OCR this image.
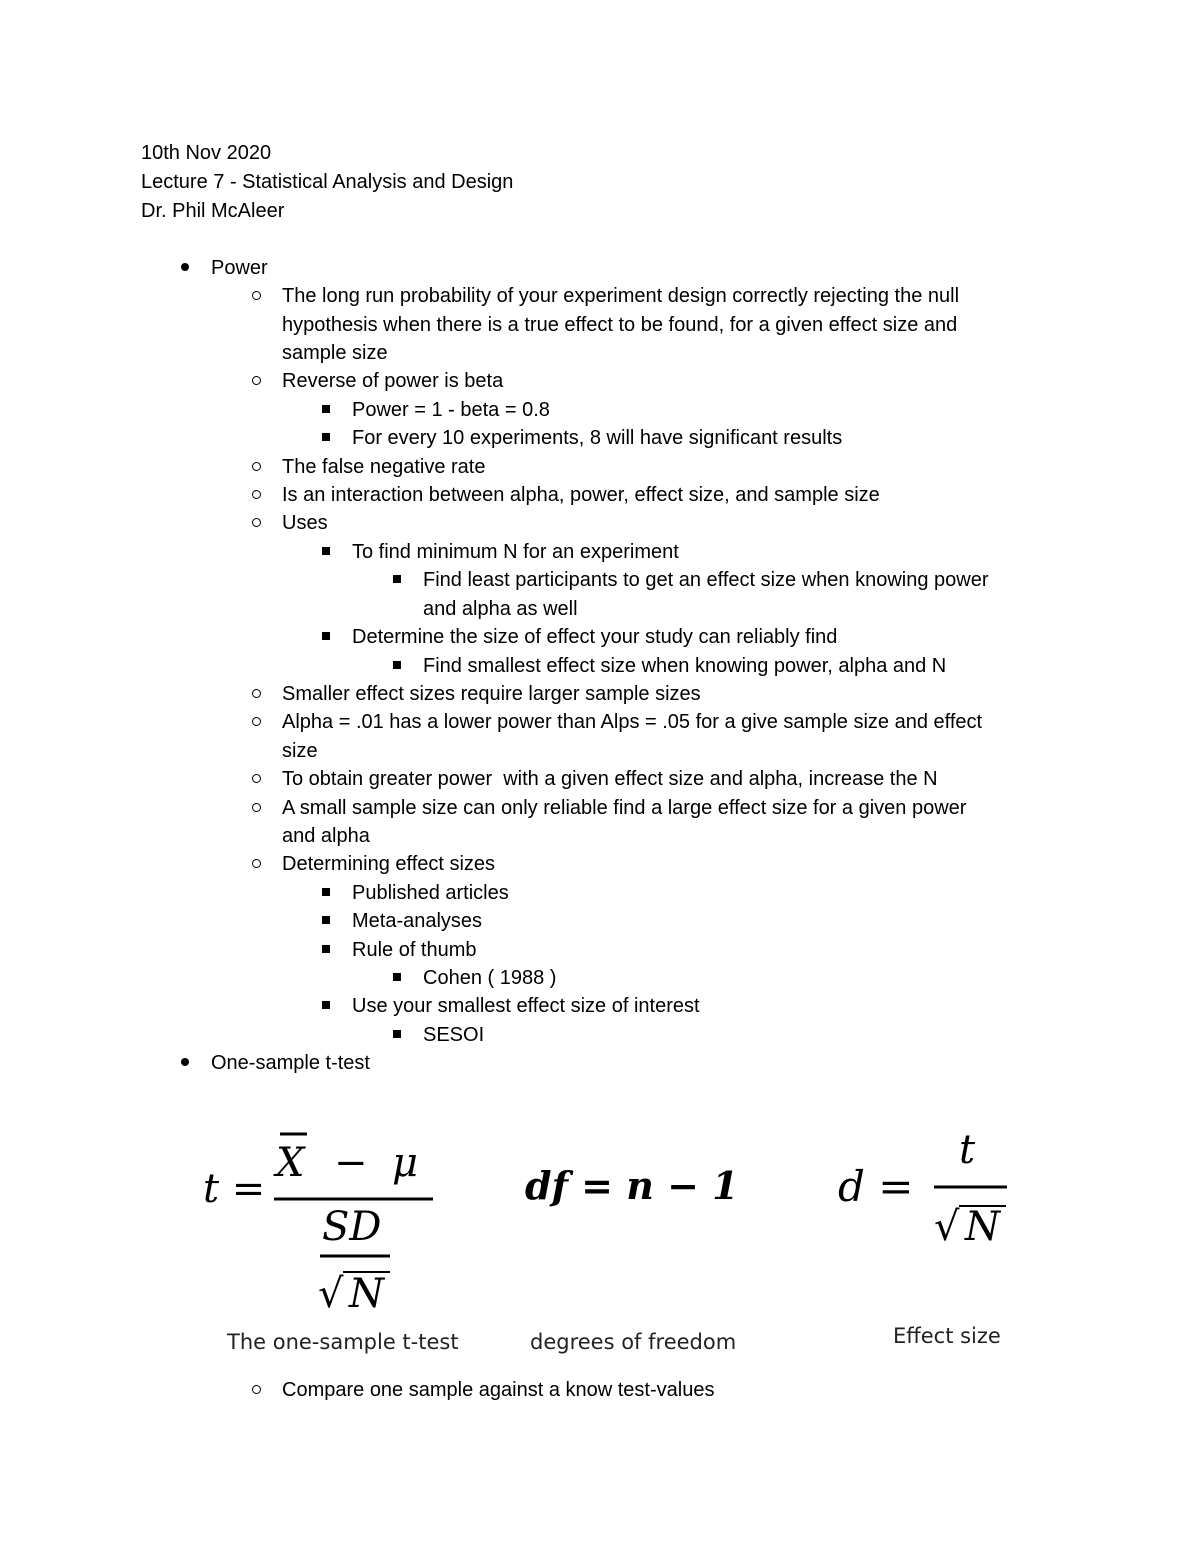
10th Nov 2020
Lecture 7 - Statistical Analysis and Design
Dr. Phil McAleer
Power
The long run probability of your experiment design correctly rejecting the null
hypothesis when there is a true effect to be found, for a given effect size and
sample size
Reverse of power is beta
Power = 1 - beta = 0.8
For every 10 experiments, 8 will have significant results
The false negative rate
Is an interaction between alpha, power, effect size, and sample size
Uses
To find minimum N for an experiment
Find least participants to get an effect size when knowing power
and alpha as well
Determine the size of effect your study can reliably find
Find smallest effect size when knowing power, alpha and N
Smaller effect sizes require larger sample sizes
Alpha = .01 has a lower power than Alps = .05 for a give sample size and effect
size
To obtain greater power  with a given effect size and alpha, increase the N
A small sample size can only reliable find a large effect size for a given power
and alpha
Determining effect sizes
Published articles
Meta-analyses
Rule of thumb
Cohen ( 1988 )
Use your smallest effect size of interest
SESOI
One-sample t-test
t =
X − μ
SD
√ N
The one-sample t-test
df = n − 1
degrees of freedom
d =
t
√ N
Effect size
Compare one sample against a know test-values
